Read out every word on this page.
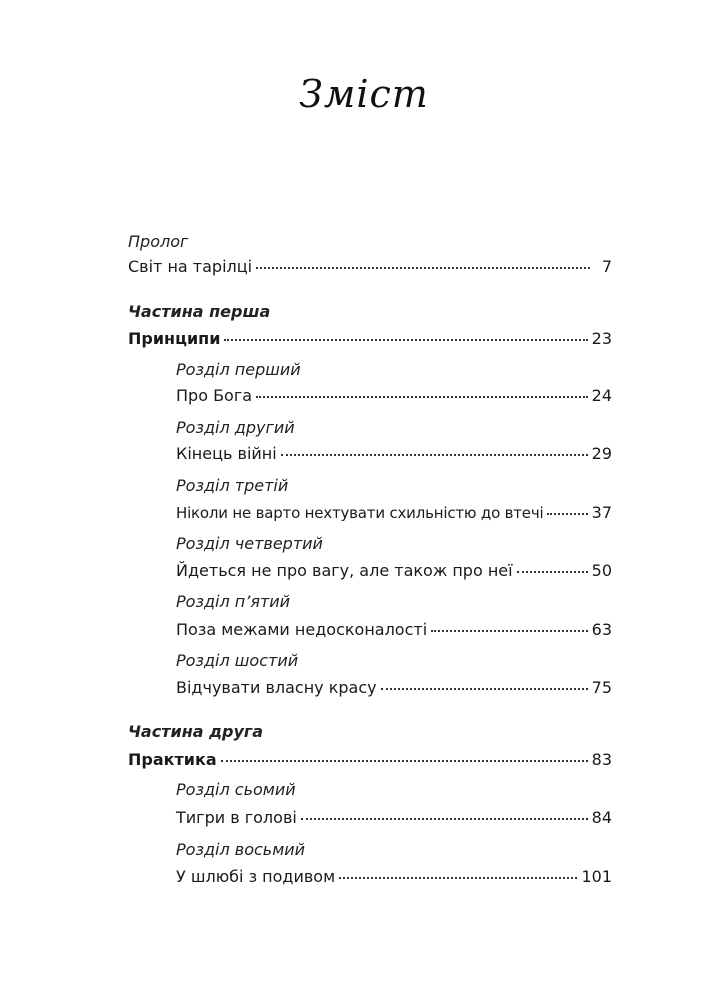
Зміст
Пролог
Світ на тарілці	7
Частина перша
Принципи	23
Розділ перший
Про Бога	24
Розділ другий
Кінець війні	29
Розділ третій
Ніколи не варто нехтувати схильністю до втечі	37
Розділ четвертий
Йдеться не про вагу, але також про неї	50
Розділ п’ятий
Поза межами недосконалості	63
Розділ шостий
Відчувати власну красу	75
Частина друга
Практика	83
Розділ сьомий
Тигри в голові	84
Розділ восьмий
У шлюбі з подивом	101
